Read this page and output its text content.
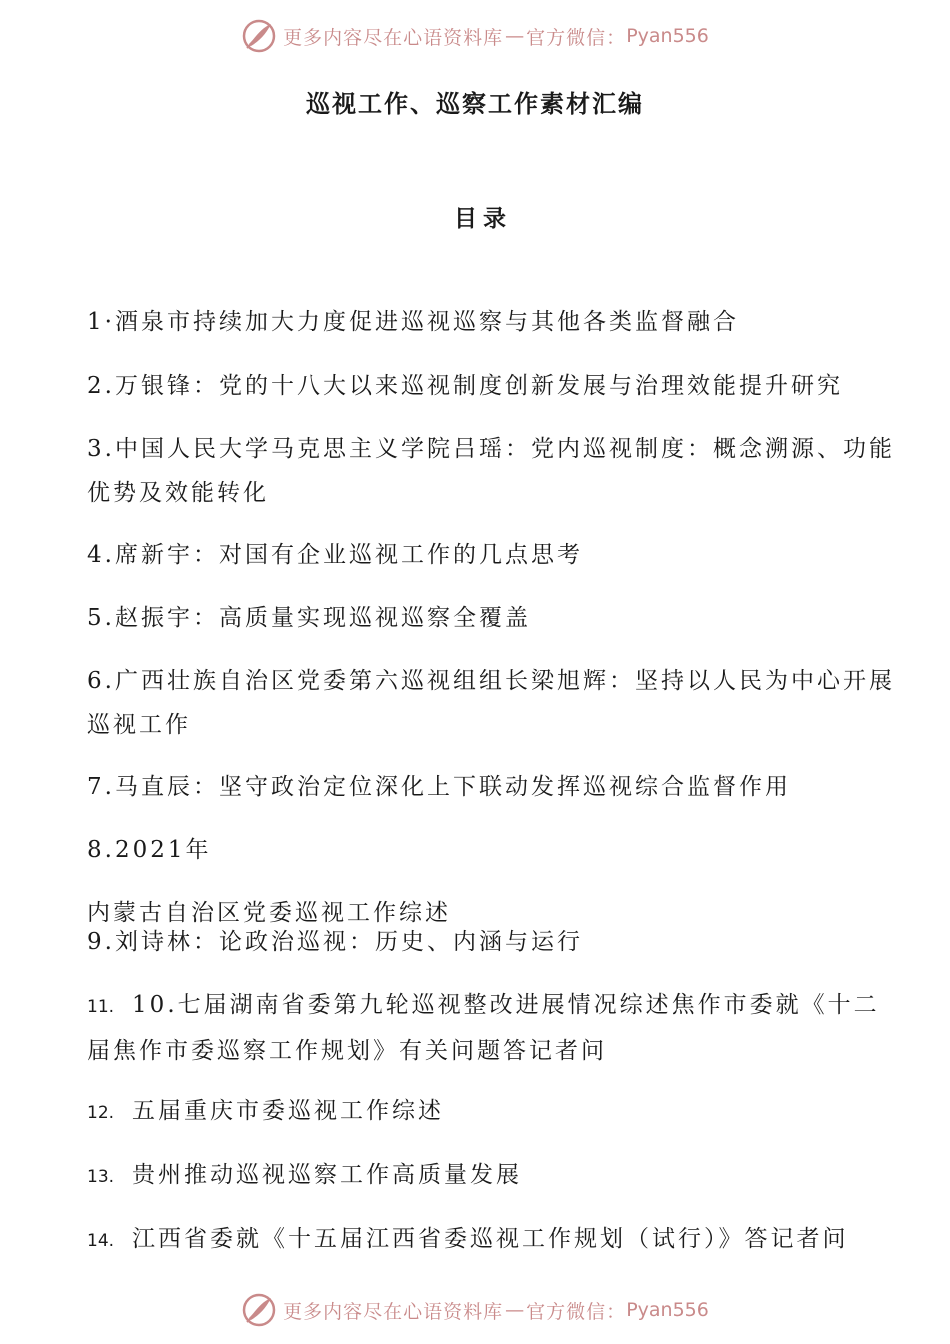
更多内容尽在心语资料库 — 官方微信： Pyan556
巡视工作、巡察工作素材汇编
目录
1·酒泉市持续加大力度促进巡视巡察与其他各类监督融合
2.万银锋：党的十八大以来巡视制度创新发展与治理效能提升研究
3.中国人民大学马克思主义学院吕瑶：党内巡视制度：概念溯源、功能
优势及效能转化
4.席新宇：对国有企业巡视工作的几点思考
5.赵振宇：高质量实现巡视巡察全覆盖
6.广西壮族自治区党委第六巡视组组长梁旭辉：坚持以人民为中心开展
巡视工作
7.马直辰：坚守政治定位深化上下联动发挥巡视综合监督作用
8.2021年
内蒙古自治区党委巡视工作综述
9.刘诗林：论政治巡视：历史、内涵与运行
11. 10.七届湖南省委第九轮巡视整改进展情况综述焦作市委就《十二
届焦作市委巡察工作规划》有关问题答记者问
12. 五届重庆市委巡视工作综述
13. 贵州推动巡视巡察工作高质量发展
14. 江西省委就《十五届江西省委巡视工作规划（试行）》答记者问
更多内容尽在心语资料库 — 官方微信： Pyan556
